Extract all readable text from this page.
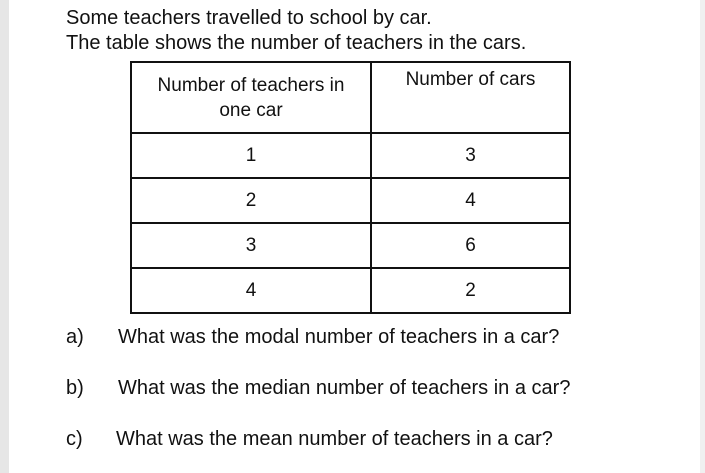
Some teachers travelled to school by car.
The table shows the number of teachers in the cars.
Number of teachers in one car	Number of cars
1	3
2	4
3	6
4	2
a) What was the modal number of teachers in a car?
b) What was the median number of teachers in a car?
c) What was the mean number of teachers in a car?
